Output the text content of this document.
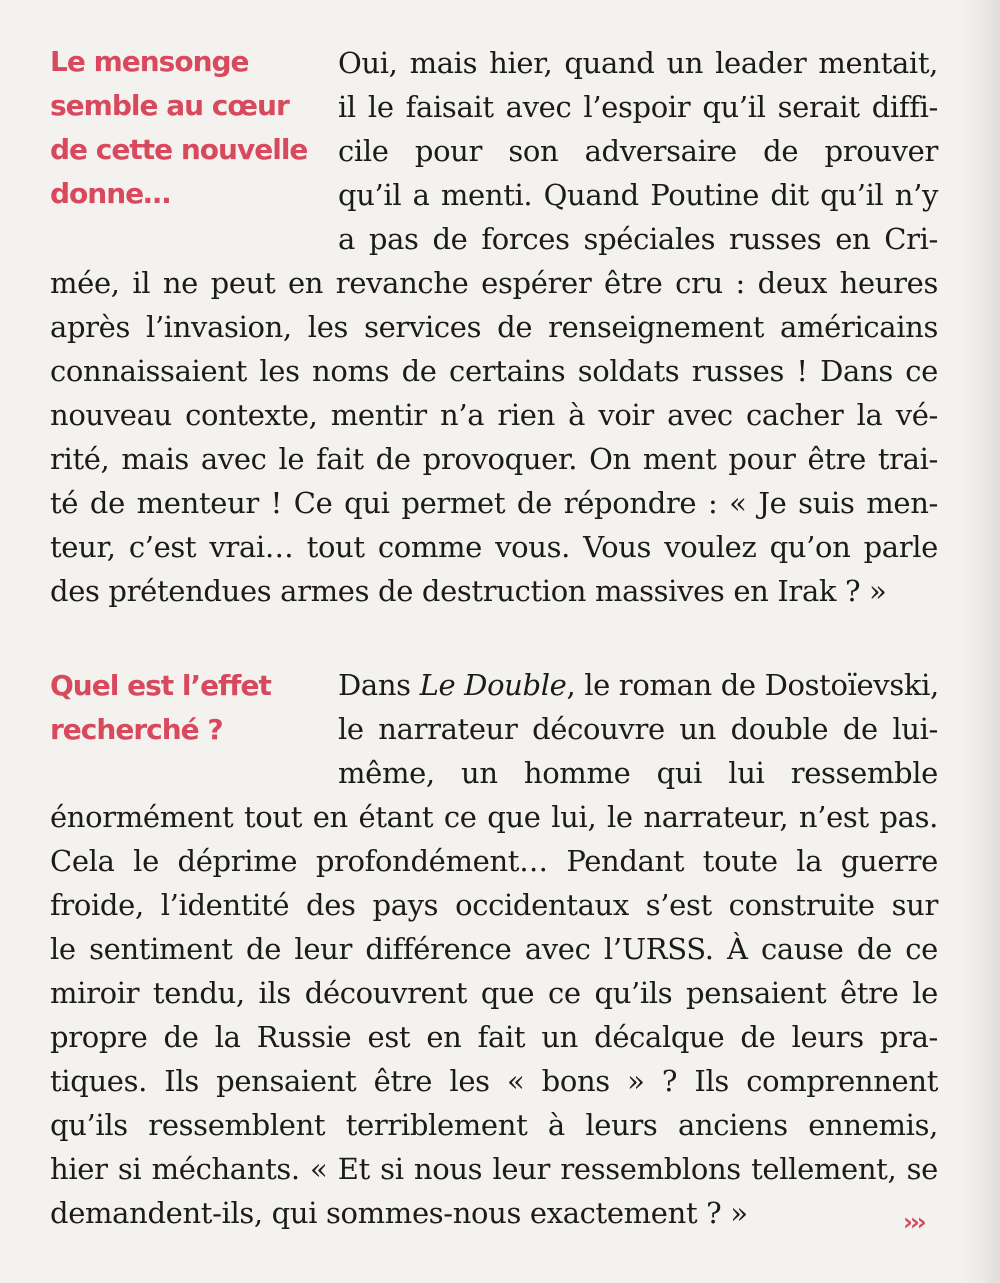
Le mensonge
semble au cœur
de cette nouvelle
donne…
Oui, mais hier, quand un leader mentait,
il le faisait avec l’espoir qu’il serait diffi-
cile pour son adversaire de prouver
qu’il a menti. Quand Poutine dit qu’il n’y
a pas de forces spéciales russes en Cri-
mée, il ne peut en revanche espérer être cru : deux heures
après l’invasion, les services de renseignement américains
connaissaient les noms de certains soldats russes ! Dans ce
nouveau contexte, mentir n’a rien à voir avec cacher la vé-
rité, mais avec le fait de provoquer. On ment pour être trai-
té de menteur ! Ce qui permet de répondre : « Je suis men-
teur, c’est vrai… tout comme vous. Vous voulez qu’on parle
des prétendues armes de destruction massives en Irak ? »
Quel est l’effet
recherché ?
Dans Le Double, le roman de Dostoïevski,
le narrateur découvre un double de lui-
même, un homme qui lui ressemble
énormément tout en étant ce que lui, le narrateur, n’est pas.
Cela le déprime profondément… Pendant toute la guerre
froide, l’identité des pays occidentaux s’est construite sur
le sentiment de leur différence avec l’URSS. À cause de ce
miroir tendu, ils découvrent que ce qu’ils pensaient être le
propre de la Russie est en fait un décalque de leurs pra-
tiques. Ils pensaient être les « bons » ? Ils comprennent
qu’ils ressemblent terriblement à leurs anciens ennemis,
hier si méchants. « Et si nous leur ressemblons tellement, se
demandent-ils, qui sommes-nous exactement ? »	›››
